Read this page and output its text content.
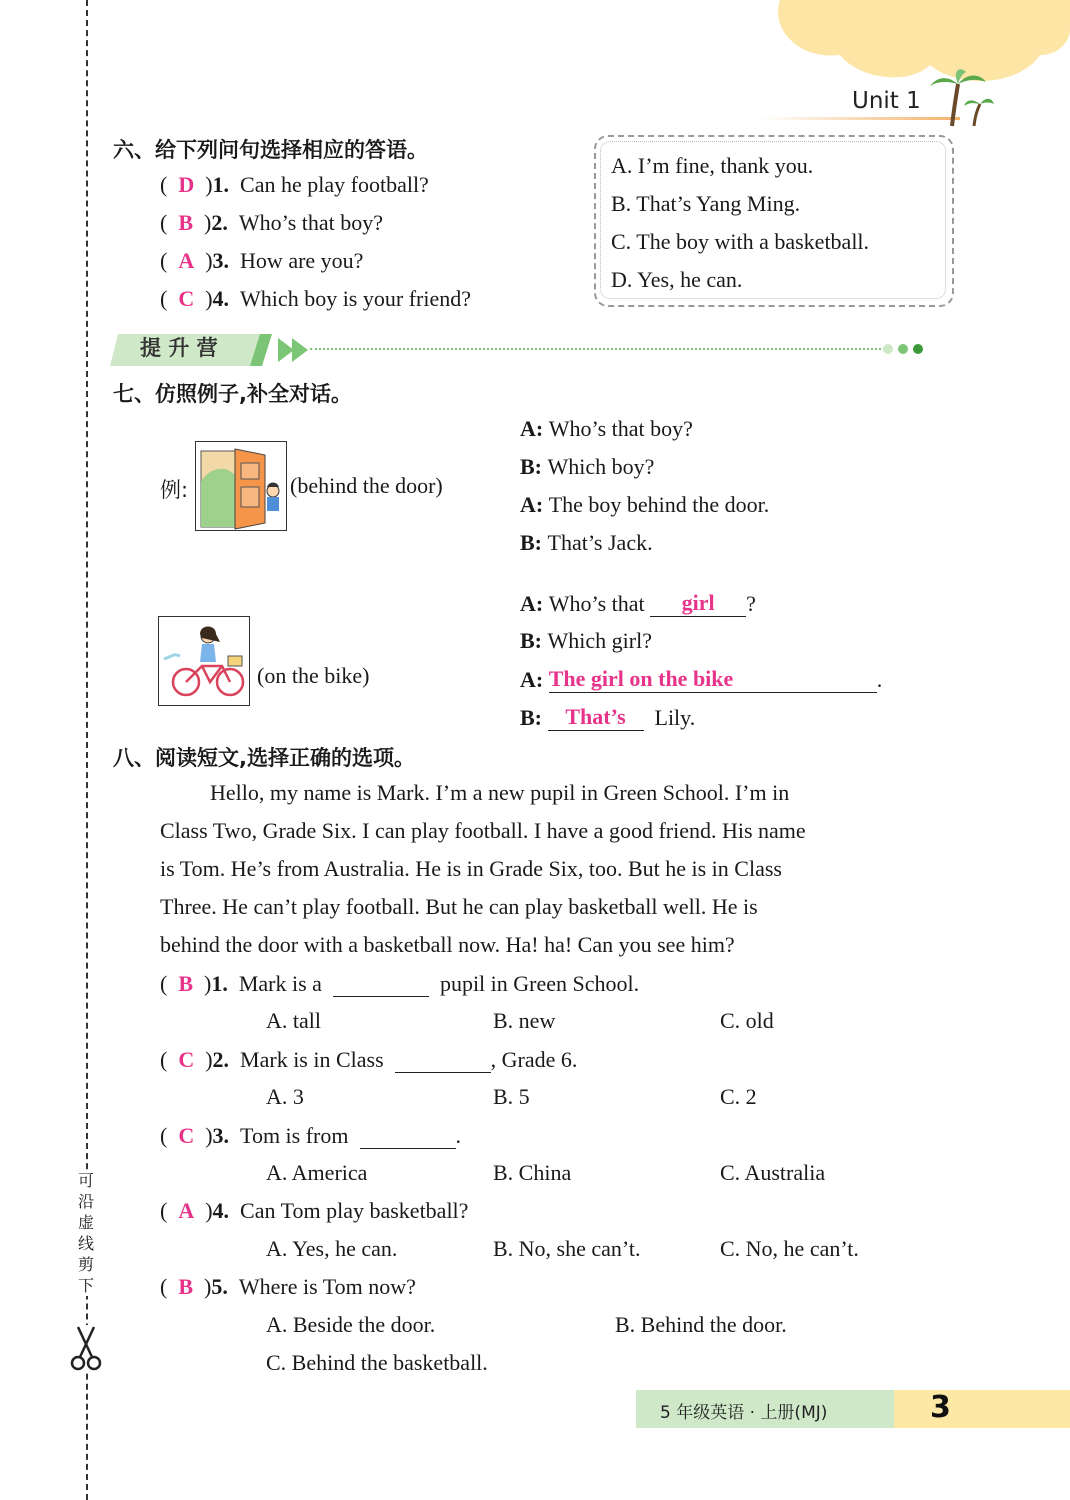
Unit 1
可
沿
虚
线
剪
下
六、给下列问句选择相应的答语。
(  D  )1. Can he play football?
(  B  )2. Who’s that boy?
(  A  )3. How are you?
(  C  )4. Which boy is your friend?
A. I’m fine, thank you.
B. That’s Yang Ming.
C. The boy with a basketball.
D. Yes, he can.
提 升 营
七、仿照例子,补全对话。
例:	(behind the door)
A: Who’s that boy?
B: Which boy?
A: The boy behind the door.
B: That’s Jack.
(on the bike)
A: Who’s that girl ?
B: Which girl?
A: The girl on the bike	.
B: That’s Lily.
八、阅读短文,选择正确的选项。
Hello, my name is Mark. I’m a new pupil in Green School. I’m in
Class Two, Grade Six. I can play football. I have a good friend. His name
is Tom. He’s from Australia. He is in Grade Six, too. But he is in Class
Three. He can’t play football. But he can play basketball well. He is
behind the door with a basketball now. Ha! ha! Can you see him?
(  B  )1. Mark is a	pupil in Green School.
A. tall	B. new	C. old
(  C  )2. Mark is in Class	, Grade 6.
A. 3	B. 5	C. 2
(  C  )3. Tom is from	.
A. America	B. China	C. Australia
(  A  )4. Can Tom play basketball?
A. Yes, he can.	B. No, she can’t.	C. No, he can’t.
(  B  )5. Where is Tom now?
A. Beside the door.	B. Behind the door.
C. Behind the basketball.
5 年级英语 · 上册(MJ)	3
